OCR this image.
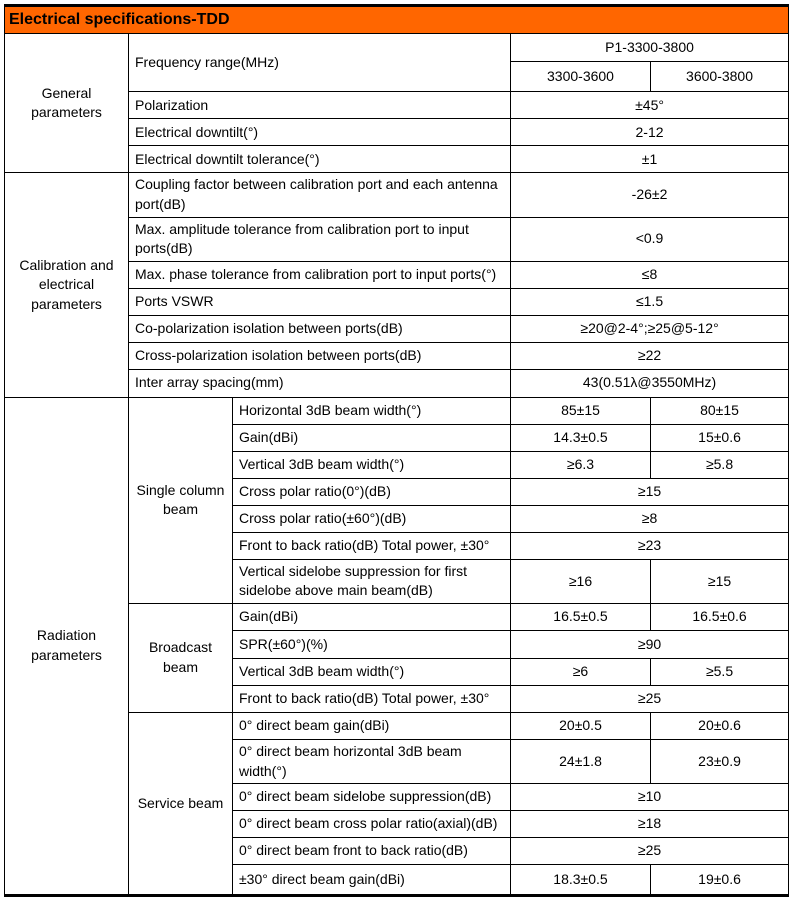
Electrical specifications-TDD				
General parameters	Frequency range(MHz)		P1-3300-3800	
			3300-3600	3600-3800
	Polarization		±45°	
	Electrical downtilt(°)		2-12	
	Electrical downtilt tolerance(°)		±1	
Calibration and electrical parameters	Coupling factor between calibration port and each antenna port(dB)		-26±2	
	Max. amplitude tolerance from calibration port to input ports(dB)		<0.9	
	Max. phase tolerance from calibration port to input ports(°)		≤8	
	Ports VSWR		≤1.5	
	Co-polarization isolation between ports(dB)		≥20@2-4°;≥25@5-12°	
	Cross-polarization isolation between ports(dB)		≥22	
	Inter array spacing(mm)		43(0.51λ@3550MHz)	
Radiation parameters	Single column beam	Horizontal 3dB beam width(°)	85±15	80±15
		Gain(dBi)	14.3±0.5	15±0.6
		Vertical 3dB beam width(°)	≥6.3	≥5.8
		Cross polar ratio(0°)(dB)	≥15	
		Cross polar ratio(±60°)(dB)	≥8	
		Front to back ratio(dB) Total power, ±30°	≥23	
		Vertical sidelobe suppression for first sidelobe above main beam(dB)	≥16	≥15
	Broadcast beam	Gain(dBi)	16.5±0.5	16.5±0.6
		SPR(±60°)(%)	≥90	
		Vertical 3dB beam width(°)	≥6	≥5.5
		Front to back ratio(dB) Total power, ±30°	≥25	
	Service beam	0° direct beam gain(dBi)	20±0.5	20±0.6
		0° direct beam horizontal 3dB beam width(°)	24±1.8	23±0.9
		0° direct beam sidelobe suppression(dB)	≥10	
		0° direct beam cross polar ratio(axial)(dB)	≥18	
		0° direct beam front to back ratio(dB)	≥25	
		±30° direct beam gain(dBi)	18.3±0.5	19±0.6
